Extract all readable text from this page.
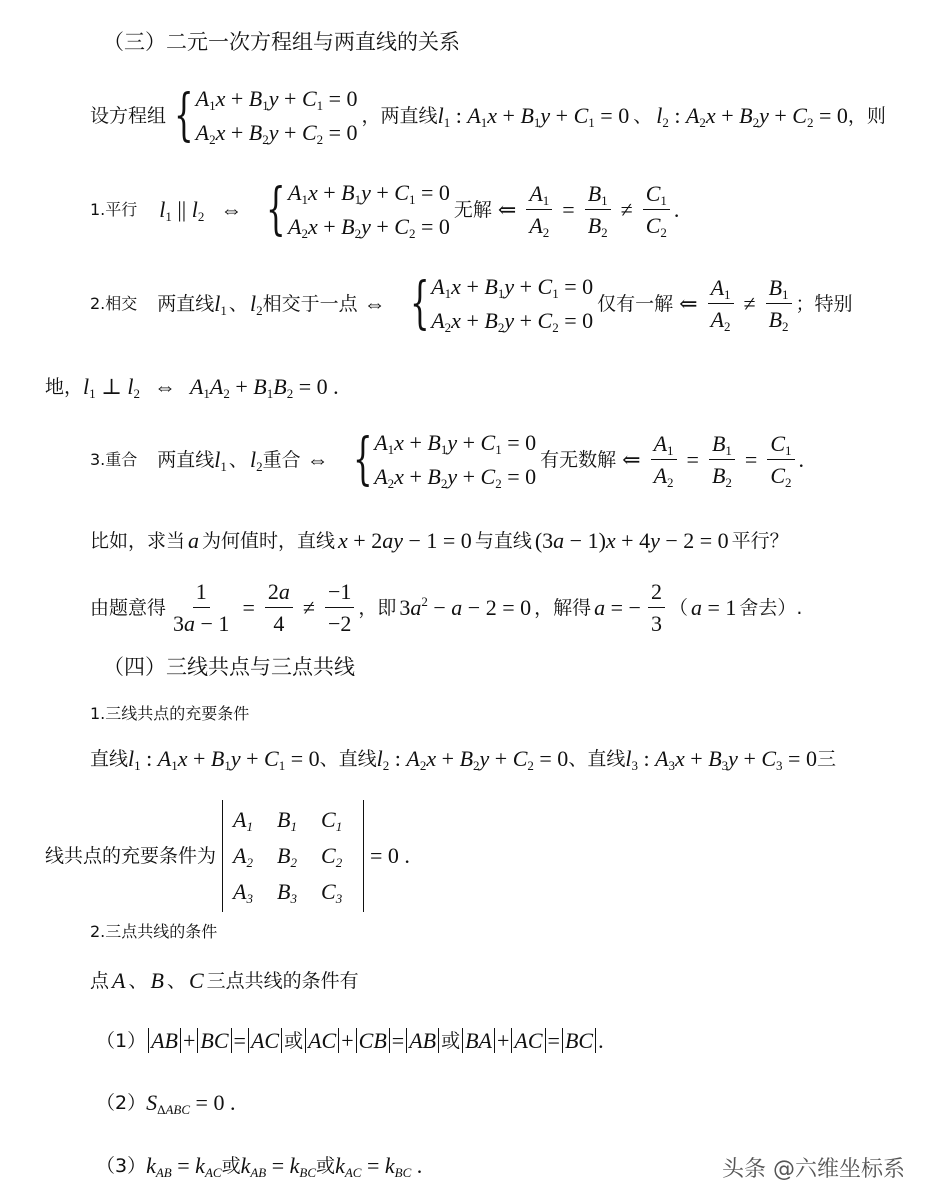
（三）二元一次方程组与两直线的关系
设方程组 { $A_1x + B_1y + C_1 = 0$
$A_2x + B_2y + C_2 = 0$
，两直线 $l_1$ : $A_1x + B_1y + C_1 = 0$ 、 $l_2$ : $A_2x + B_2y + C_2 = 0$ ，则
1.平行 $l_1$ || $l_2$ ⇔ { $A_1x + B_1y + C_1 = 0$
$A_2x + B_2y + C_2 = 0$
无解 ⇐ $\frac{A_1}{A_2} = \frac{B_1}{B_2} \ne \frac{C_1}{C_2}$ .
2.相交 两直线 $l_1$ 、 $l_2$ 相交于一点 ⇔ { $A_1x + B_1y + C_1 = 0$
$A_2x + B_2y + C_2 = 0$
仅有一解 ⇐ $\frac{A_1}{A_2} \ne \frac{B_1}{B_2}$ ；特别
地， $l_1$ ⊥ $l_2$ ⇔ $A_1A_2 + B_1B_2 = 0$ .
3.重合 两直线 $l_1$ 、 $l_2$ 重合 ⇔ { $A_1x + B_1y + C_1 = 0$
$A_2x + B_2y + C_2 = 0$
有无数解 ⇐ $\frac{A_1}{A_2} = \frac{B_1}{B_2} = \frac{C_1}{C_2}$ .
比如，求当 a 为何值时，直线 x + 2ay − 1 = 0 与直线 (3a − 1)x + 4y − 2 = 0 平行？
由题意得 $\frac{1}{3a - 1} = \frac{2a}{4} \ne \frac{-1}{-2}$ ，即 $3a^2 - a - 2 = 0$ ，解得 a = − $\frac{2}{3}$ （ a = 1 舍去）.
（四）三线共点与三点共线
1.三线共点的充要条件
直线 $l_1$ : $A_1x + B_1y + C_1 = 0$ 、直线 $l_2$ : $A_2x + B_2y + C_2 = 0$ 、直线 $l_3$ : $A_3x + B_3y + C_3 = 0$ 三
线共点的充要条件为
$A_1$	$B_1$	$C_1$
$A_2$	$B_2$	$C_2$
$A_3$	$B_3$	$C_3$
= 0 .
2.三点共线的条件
点 A 、 B 、 C 三点共线的条件有
（1） AB + BC = AC 或 AC + CB = AB 或 BA + AC = BC .
（2） $S_{\Delta ABC} = 0$ .
（3） $k_{AB} = k_{AC}$ 或 $k_{AB} = k_{BC}$ 或 $k_{AC} = k_{BC}$ .	头条 @六维坐标系
